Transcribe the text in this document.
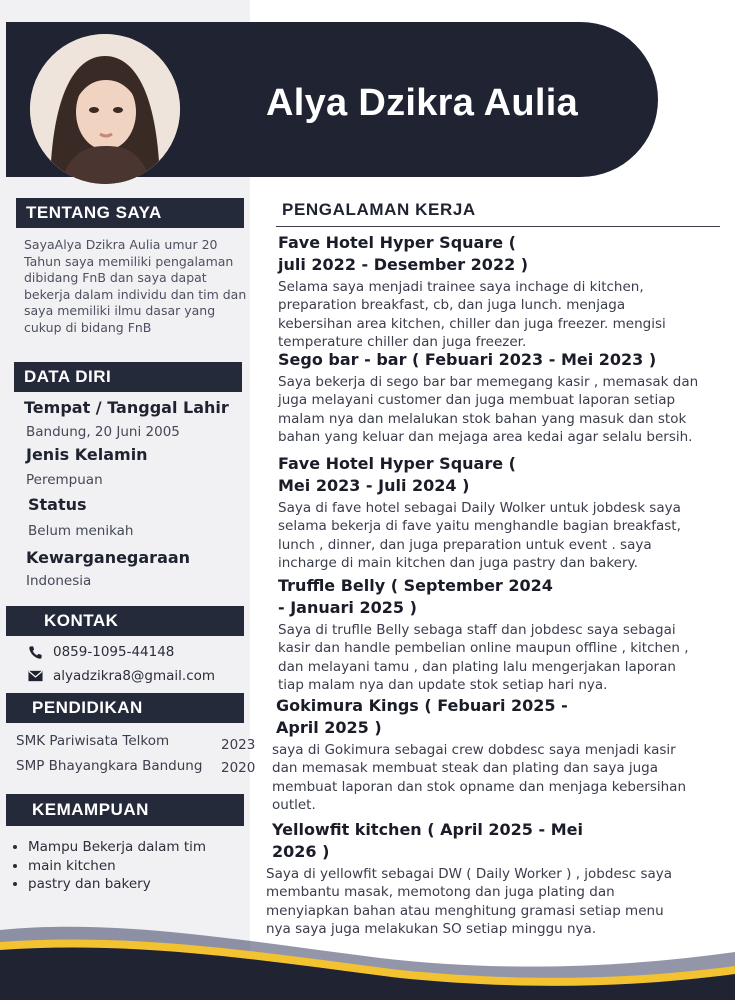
Alya Dzikra Aulia
TENTANG SAYA
SayaAlya Dzikra Aulia umur 20 Tahun saya memiliki pengalaman dibidang FnB dan saya dapat bekerja dalam individu dan tim dan saya memiliki ilmu dasar yang cukup di bidang FnB
DATA DIRI
Tempat / Tanggal Lahir
Bandung, 20 Juni 2005
Jenis Kelamin
Perempuan
Status
Belum menikah
Kewarganegaraan
Indonesia
KONTAK
0859-1095-44148
alyadzikra8@gmail.com
PENDIDIKAN
SMK Pariwisata Telkom	2023
SMP Bhayangkara Bandung 2020
KEMAMPUAN
• Mampu Bekerja dalam tim
• main kitchen
• pastry dan bakery
PENGALAMAN KERJA
Fave Hotel Hyper Square ( juli 2022 - Desember 2022 )
Selama saya menjadi trainee saya inchage di kitchen, preparation breakfast, cb, dan juga lunch. menjaga kebersihan area kitchen, chiller dan juga freezer. mengisi temperature chiller dan juga freezer.
Sego bar - bar ( Febuari 2023 - Mei 2023 )
Saya bekerja di sego bar bar memegang kasir , memasak dan juga melayani customer dan juga membuat laporan setiap malam nya dan melalukan stok bahan yang masuk dan stok bahan yang keluar dan mejaga area kedai agar selalu bersih.
Fave Hotel Hyper Square ( Mei 2023 - Juli 2024 )
Saya di fave hotel sebagai Daily Wolker untuk jobdesk saya selama bekerja di fave yaitu menghandle bagian breakfast, lunch , dinner, dan juga preparation untuk event . saya incharge di main kitchen dan juga pastry dan bakery.
Truffle Belly ( September 2024 - Januari 2025 )
Saya di truflle Belly sebaga staff dan jobdesc saya sebagai kasir dan handle pembelian online maupun offline , kitchen , dan melayani tamu , dan plating lalu mengerjakan laporan tiap malam nya dan update stok setiap hari nya.
Gokimura Kings ( Febuari 2025 - April 2025 )
saya di Gokimura sebagai crew dobdesc saya menjadi kasir dan memasak membuat steak dan plating dan saya juga membuat laporan dan stok opname dan menjaga kebersihan outlet.
Yellowfit kitchen ( April 2025 - Mei 2026 )
Saya di yellowfit sebagai DW ( Daily Worker ) , jobdesc saya membantu masak, memotong dan juga plating dan menyiapkan bahan atau menghitung gramasi setiap menu nya saya juga melakukan SO setiap minggu nya.
